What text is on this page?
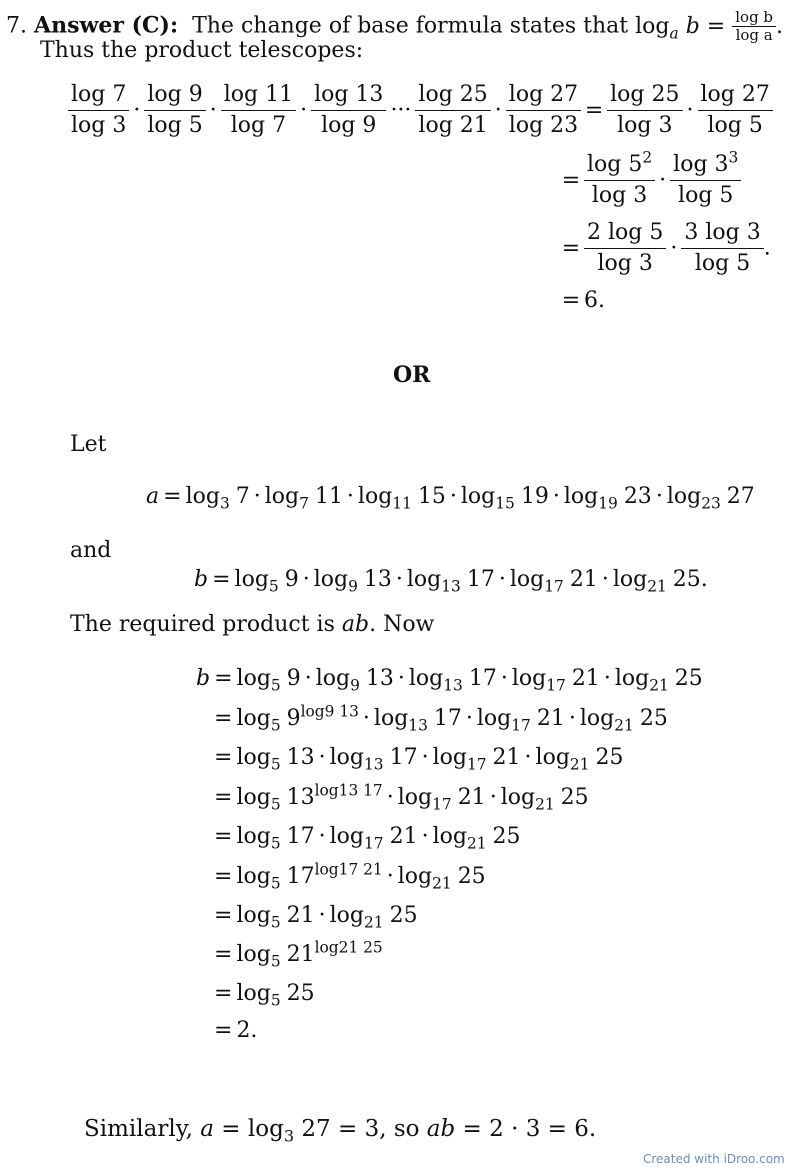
7. Answer (C): The change of base formula states that $\log_a b = \frac{\text{log b}}{\text{log a}}$ .
Thus the product telescopes:
$\frac{\log 7}{\log 3} \cdot \frac{\log 9}{\log 5} \cdot \frac{\log 11}{\log 7} \cdot \frac{\log 13}{\log 9}$ ··· $\frac{\log 25}{\log 21} \cdot \frac{\log 27}{\log 23} = \frac{\log 25}{\log 3} \cdot \frac{\log 27}{\log 5}$
= $\frac{\log 5^2}{\log 3} \cdot \frac{\log 3^3}{\log 5}$
= $\frac{2 \log 5}{\log 3} \cdot \frac{3 \log 3}{\log 5}$ .
= 6.
OR
Let
$a = \log_3 7 \cdot \log_7 11 \cdot \log_{11} 15 \cdot \log_{15} 19 \cdot \log_{19} 23 \cdot \log_{23} 27$
and
$b = \log_5 9 \cdot \log_9 13 \cdot \log_{13} 17 \cdot \log_{17} 21 \cdot \log_{21} 25$.
The required product is ab. Now
$b = \log_5 9 \cdot \log_9 13 \cdot \log_{13} 17 \cdot \log_{17} 21 \cdot \log_{21} 25$
= $\log_5 9^{log9 13} \cdot \log_{13} 17 \cdot \log_{17} 21 \cdot \log_{21} 25$
= $\log_5 13 \cdot \log_{13} 17 \cdot \log_{17} 21 \cdot \log_{21} 25$
= $\log_5 13^{log13 17} \cdot \log_{17} 21 \cdot \log_{21} 25$
= $\log_5 17 \cdot \log_{17} 21 \cdot \log_{21} 25$
= $\log_5 17^{log17 21} \cdot \log_{21} 25$
= $\log_5 21 \cdot \log_{21} 25$
= $\log_5 21^{log21 25}$
= $\log_5 25$
= 2.
Similarly, $a = \log_3 27 = 3$, so ab = 2 · 3 = 6.
Created with iDroo.com
